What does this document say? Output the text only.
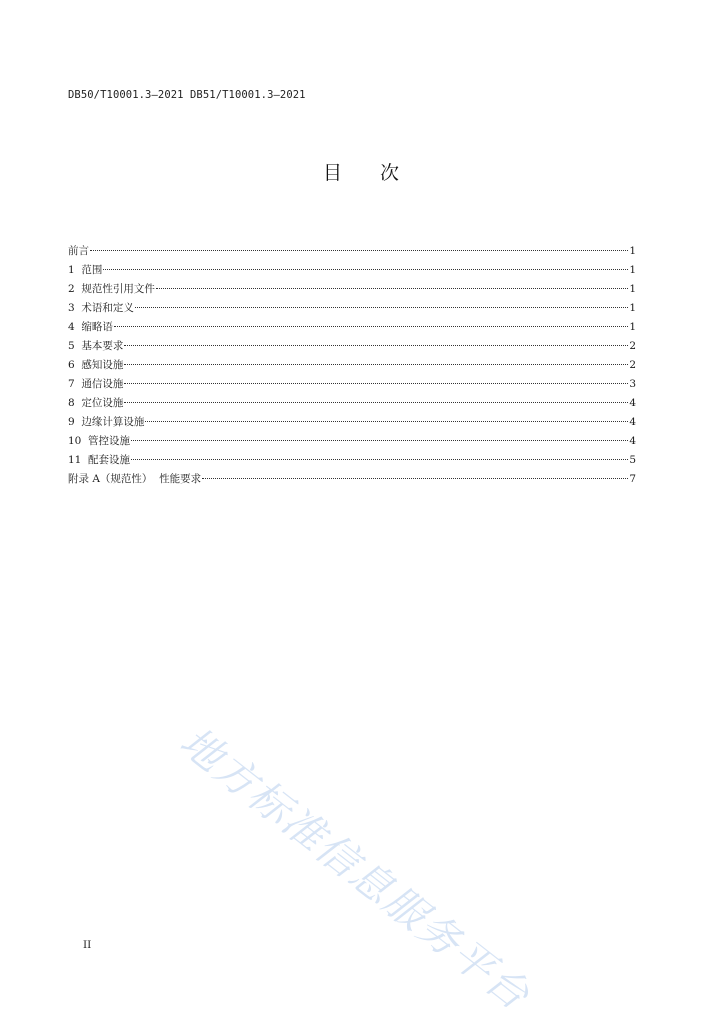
DB50/T10001.3—2021 DB51/T10001.3—2021
目 次
前言	1
1  范围	1
2  规范性引用文件	1
3  术语和定义	1
4  缩略语	1
5  基本要求	2
6  感知设施	2
7  通信设施	3
8  定位设施	4
9  边缘计算设施	4
10  管控设施	4
11  配套设施	5
附录 A（规范性）  性能要求	7
地方标准信息服务平台
II
